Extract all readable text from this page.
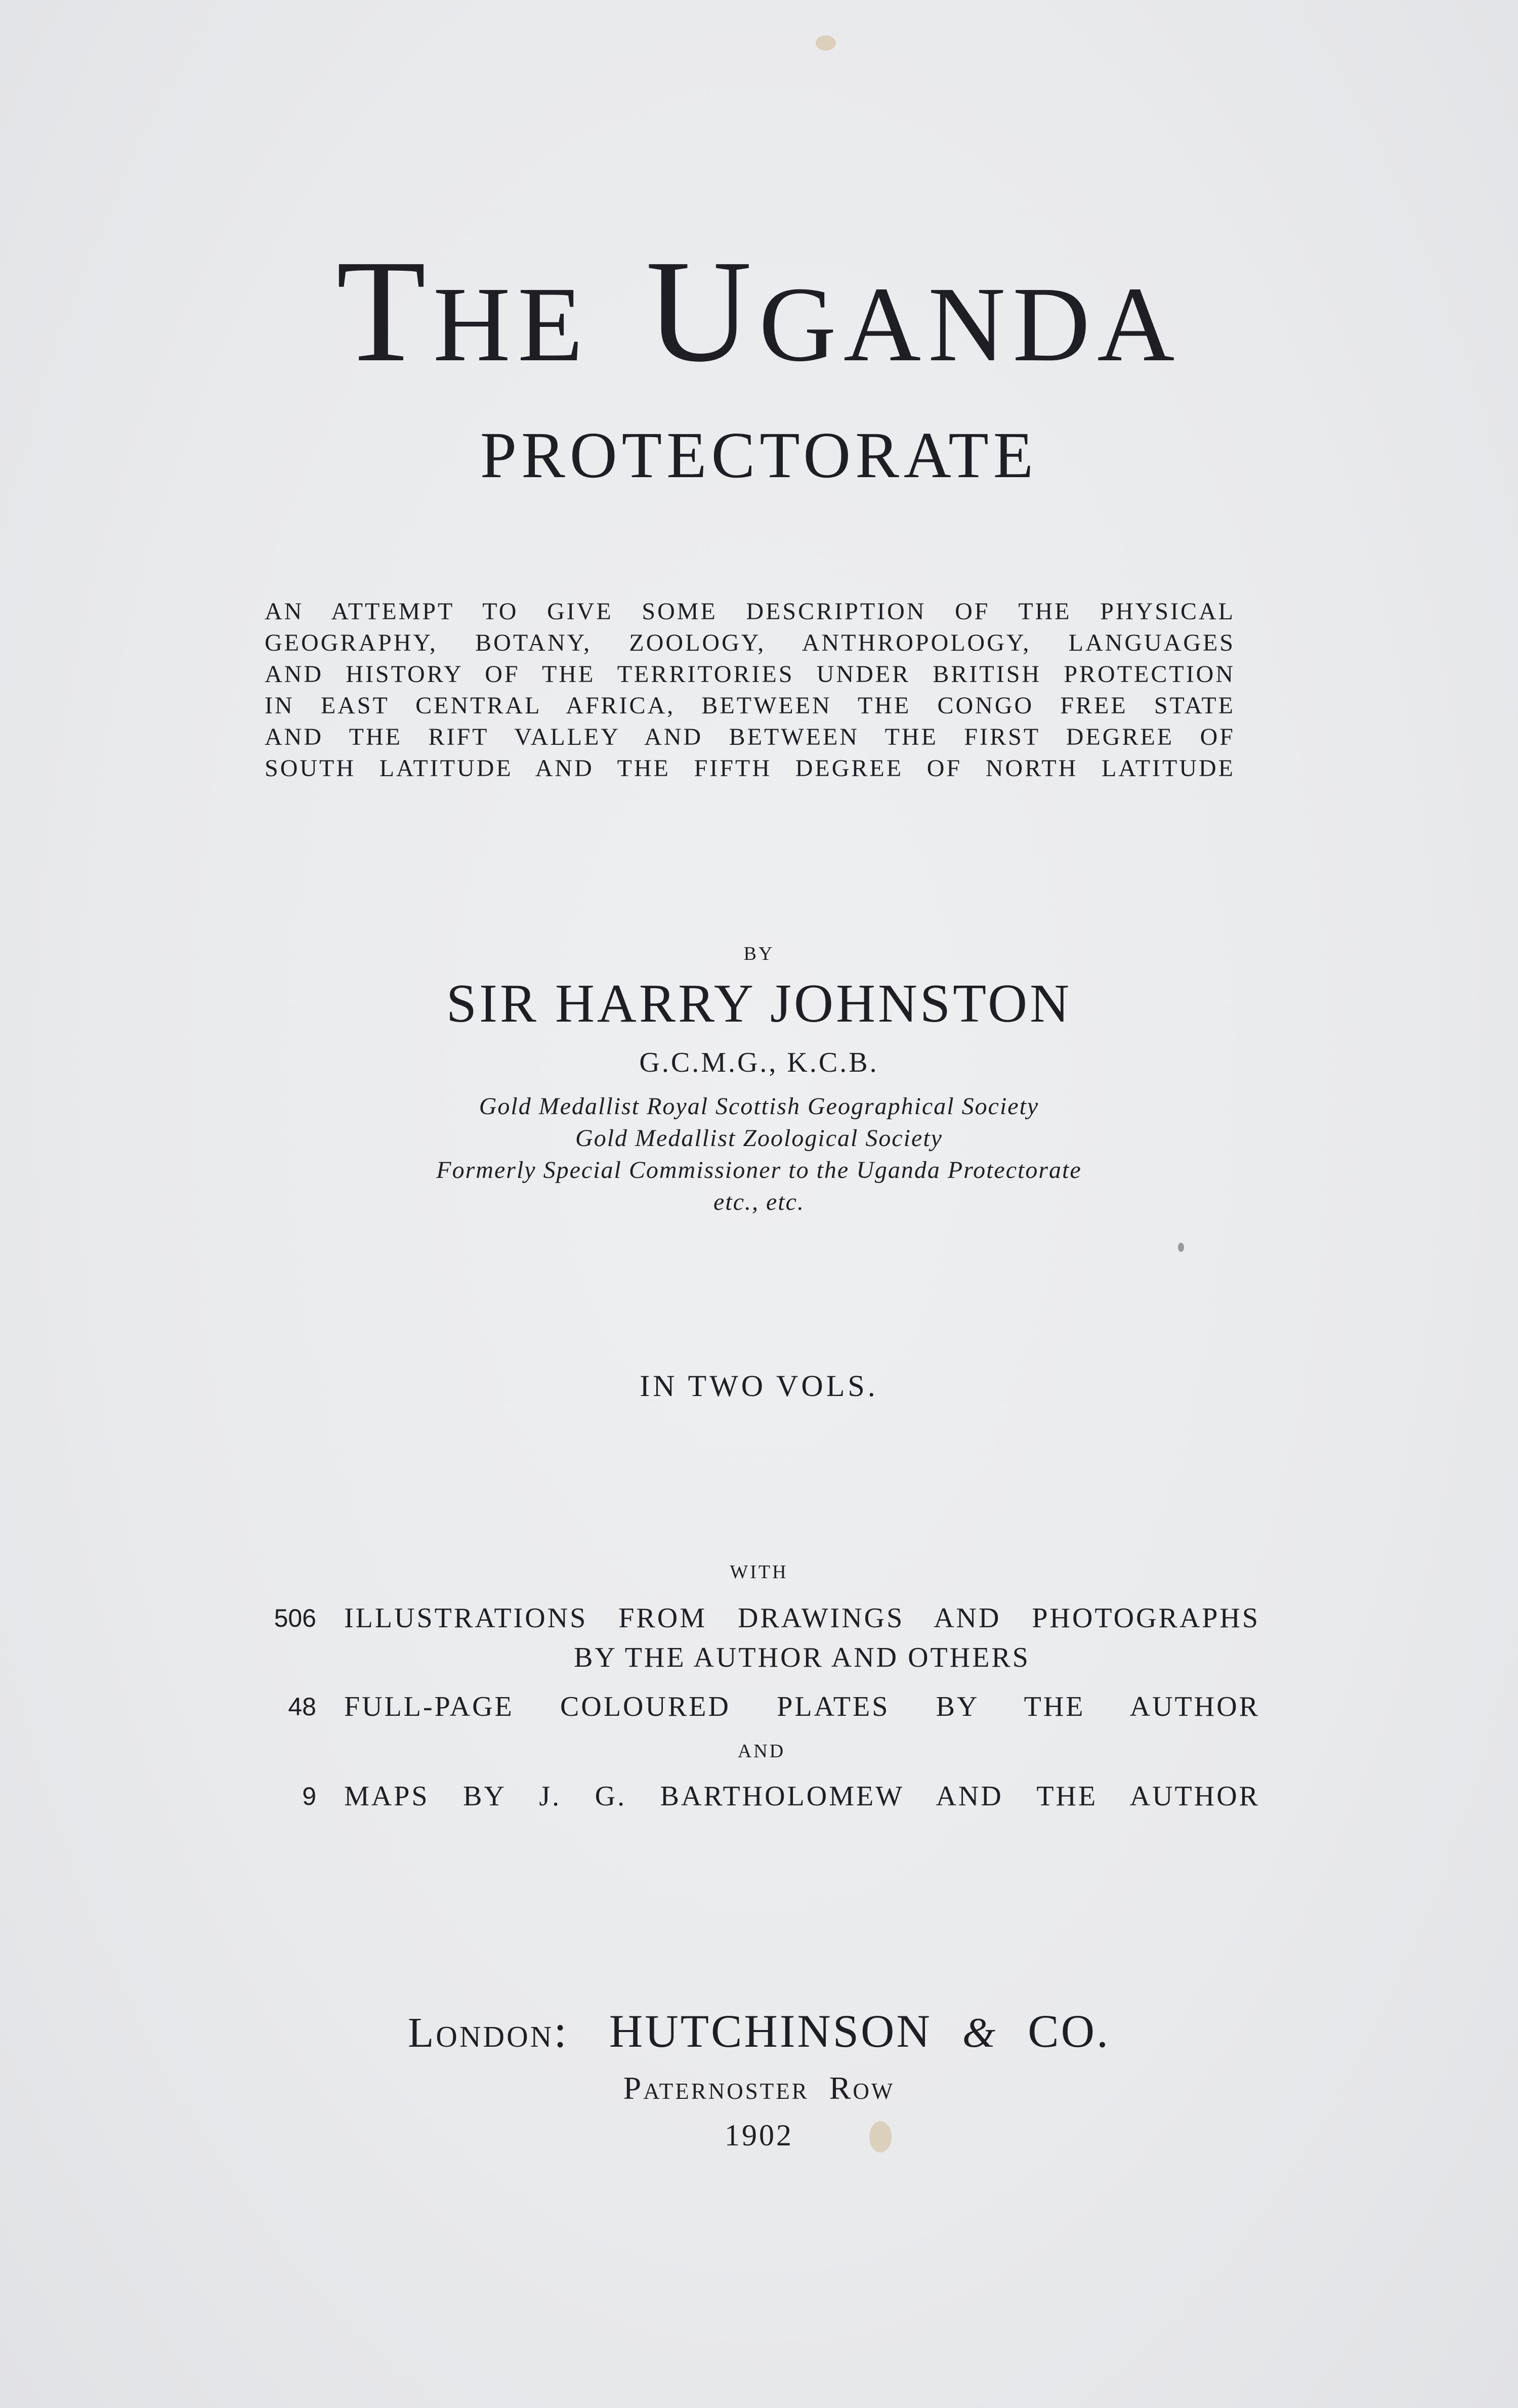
THE UGANDA
PROTECTORATE
AN ATTEMPT TO GIVE SOME DESCRIPTION OF THE PHYSICAL
GEOGRAPHY, BOTANY, ZOOLOGY, ANTHROPOLOGY, LANGUAGES
AND HISTORY OF THE TERRITORIES UNDER BRITISH PROTECTION
IN EAST CENTRAL AFRICA, BETWEEN THE CONGO FREE STATE
AND THE RIFT VALLEY AND BETWEEN THE FIRST DEGREE OF
SOUTH LATITUDE AND THE FIFTH DEGREE OF NORTH LATITUDE
BY
SIR HARRY JOHNSTON
G.C.M.G., K.C.B.
Gold Medallist Royal Scottish Geographical Society
Gold Medallist Zoological Society
Formerly Special Commissioner to the Uganda Protectorate
etc., etc.
IN TWO VOLS.
WITH
506 ILLUSTRATIONS FROM DRAWINGS AND PHOTOGRAPHS
BY THE AUTHOR AND OTHERS
48 FULL-PAGE COLOURED PLATES BY THE AUTHOR
AND
9 MAPS BY J. G. BARTHOLOMEW AND THE AUTHOR
London: HUTCHINSON & CO.
Paternoster Row
1902
